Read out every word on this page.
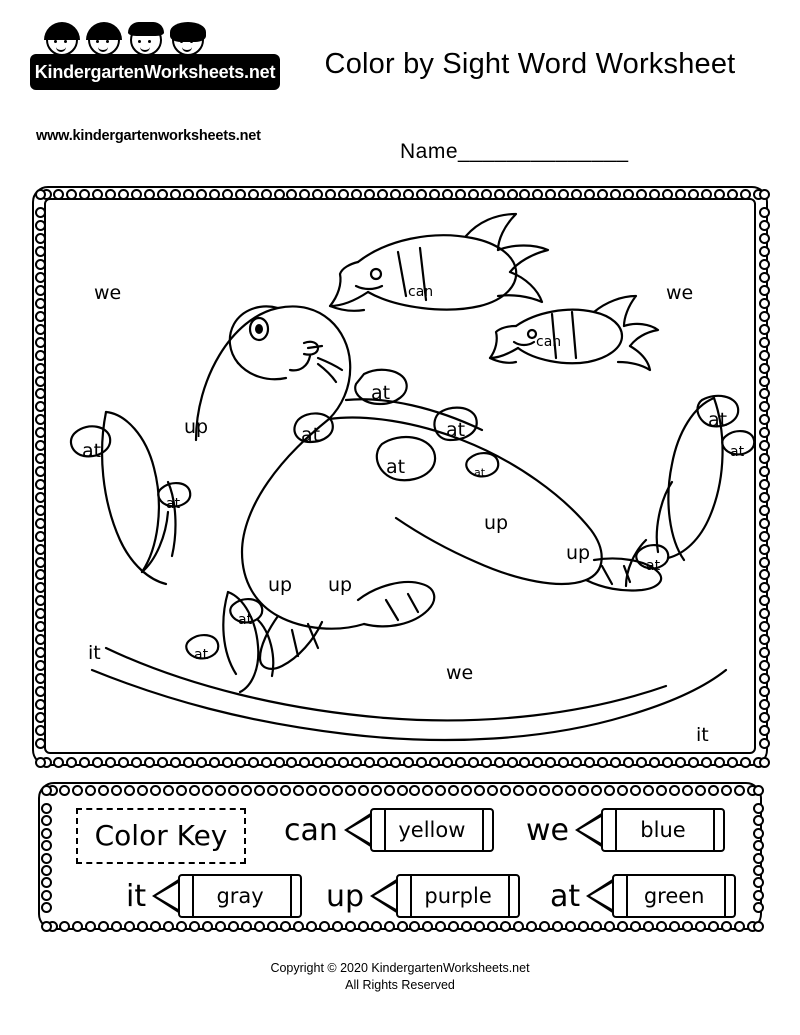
KindergartenWorksheets.net
www.kindergartenworksheets.net
Color by Sight Word Worksheet
Name______________
we	we
can
can
at
at
up	at
at
at
at	at
at
at
up
up
at
up up
at
at
it
we
it
Color Key	can	yellow	we	blue
it	gray	up	purple	at	green
Copyright © 2020 KindergartenWorksheets.net
All Rights Reserved
